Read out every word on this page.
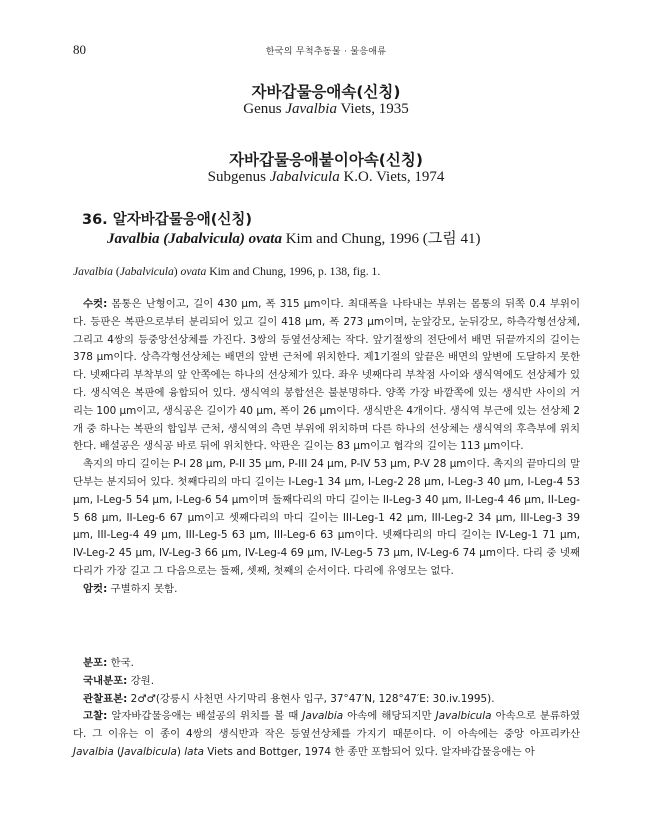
80	한국의 무척추동물 · 물응애류
자바갑물응애속(신칭)
Genus Javalbia Viets, 1935
자바갑물응애붙이아속(신칭)
Subgenus Jabalvicula K.O. Viets, 1974
36. 알자바갑물응애(신칭)
Javalbia (Jabalvicula) ovata Kim and Chung, 1996 (그림 41)
Javalbia (Jabalvicula) ovata Kim and Chung, 1996, p. 138, fig. 1.

수컷: 몸통은 난형이고, 길이 430 μm, 폭 315 μm이다. 최대폭을 나타내는 부위는 몸통의 뒤쪽 0.4 부위이다. 등판은 복판으로부터 분리되어 있고 길이 418 μm, 폭 273 μm이며, 눈앞강모, 눈뒤강모, 하측각형선상체, 그리고 4쌍의 등중앙선상체를 가진다. 3쌍의 등옆선상체는 작다. 앞기절쌍의 전단에서 배면 뒤끝까지의 길이는 378 μm이다. 상측각형선상체는 배면의 앞변 근처에 위치한다. 제1기절의 앞끝은 배면의 앞변에 도달하지 못한다. 넷째다리 부착부의 앞 안쪽에는 하나의 선상체가 있다. 좌우 넷째다리 부착점 사이와 생식역에도 선상체가 있다. 생식역은 복판에 융합되어 있다. 생식역의 봉합선은 불분명하다. 양쪽 가장 바깥쪽에 있는 생식반 사이의 거리는 100 μm이고, 생식공은 길이가 40 μm, 폭이 26 μm이다. 생식반은 4개이다. 생식역 부근에 있는 선상체 2개 중 하나는 복판의 합입부 근처, 생식역의 측면 부위에 위치하며 다른 하나의 선상체는 생식역의 후측부에 위치한다. 배설공은 생식공 바로 뒤에 위치한다. 악판은 길이는 83 μm이고 협각의 길이는 113 μm이다.

촉지의 마디 길이는 P-I 28 μm, P-II 35 μm, P-III 24 μm, P-IV 53 μm, P-V 28 μm이다. 촉지의 끝마디의 말단부는 분지되어 있다. 첫째다리의 마디 길이는 I-Leg-1 34 μm, I-Leg-2 28 μm, I-Leg-3 40 μm, I-Leg-4 53 μm, I-Leg-5 54 μm, I-Leg-6 54 μm이며 둘째다리의 마디 길이는 II-Leg-3 40 μm, II-Leg-4 46 μm, II-Leg-5 68 μm, II-Leg-6 67 μm이고 셋째다리의 마디 길이는 III-Leg-1 42 μm, III-Leg-2 34 μm, III-Leg-3 39 μm, III-Leg-4 49 μm, III-Leg-5 63 μm, III-Leg-6 63 μm이다. 넷째다리의 마디 길이는 IV-Leg-1 71 μm, IV-Leg-2 45 μm, IV-Leg-3 66 μm, IV-Leg-4 69 μm, IV-Leg-5 73 μm, IV-Leg-6 74 μm이다. 다리 중 넷째다리가 가장 길고 그 다음으로는 둘째, 셋째, 첫째의 순서이다. 다리에 유영모는 없다.

암컷: 구별하지 못함.

분포: 한국.

국내분포: 강원.

관찰표본: 2♂♂(강릉시 사천면 사기막리 용현사 입구, 37°47′N, 128°47′E: 30.iv.1995).

고찰: 알자바갑물응애는 배설공의 위치를 볼 때 Javalbia 아속에 해당되지만 Javalbicula 아속으로 분류하였다. 그 이유는 이 종이 4쌍의 생식반과 작은 등옆선상체를 가지기 때문이다. 이 아속에는 중앙 아프리카산 Javalbia (Javalbicula) lata Viets and Bottger, 1974 한 종만 포함되어 있다. 알자바갑물응애는 아
